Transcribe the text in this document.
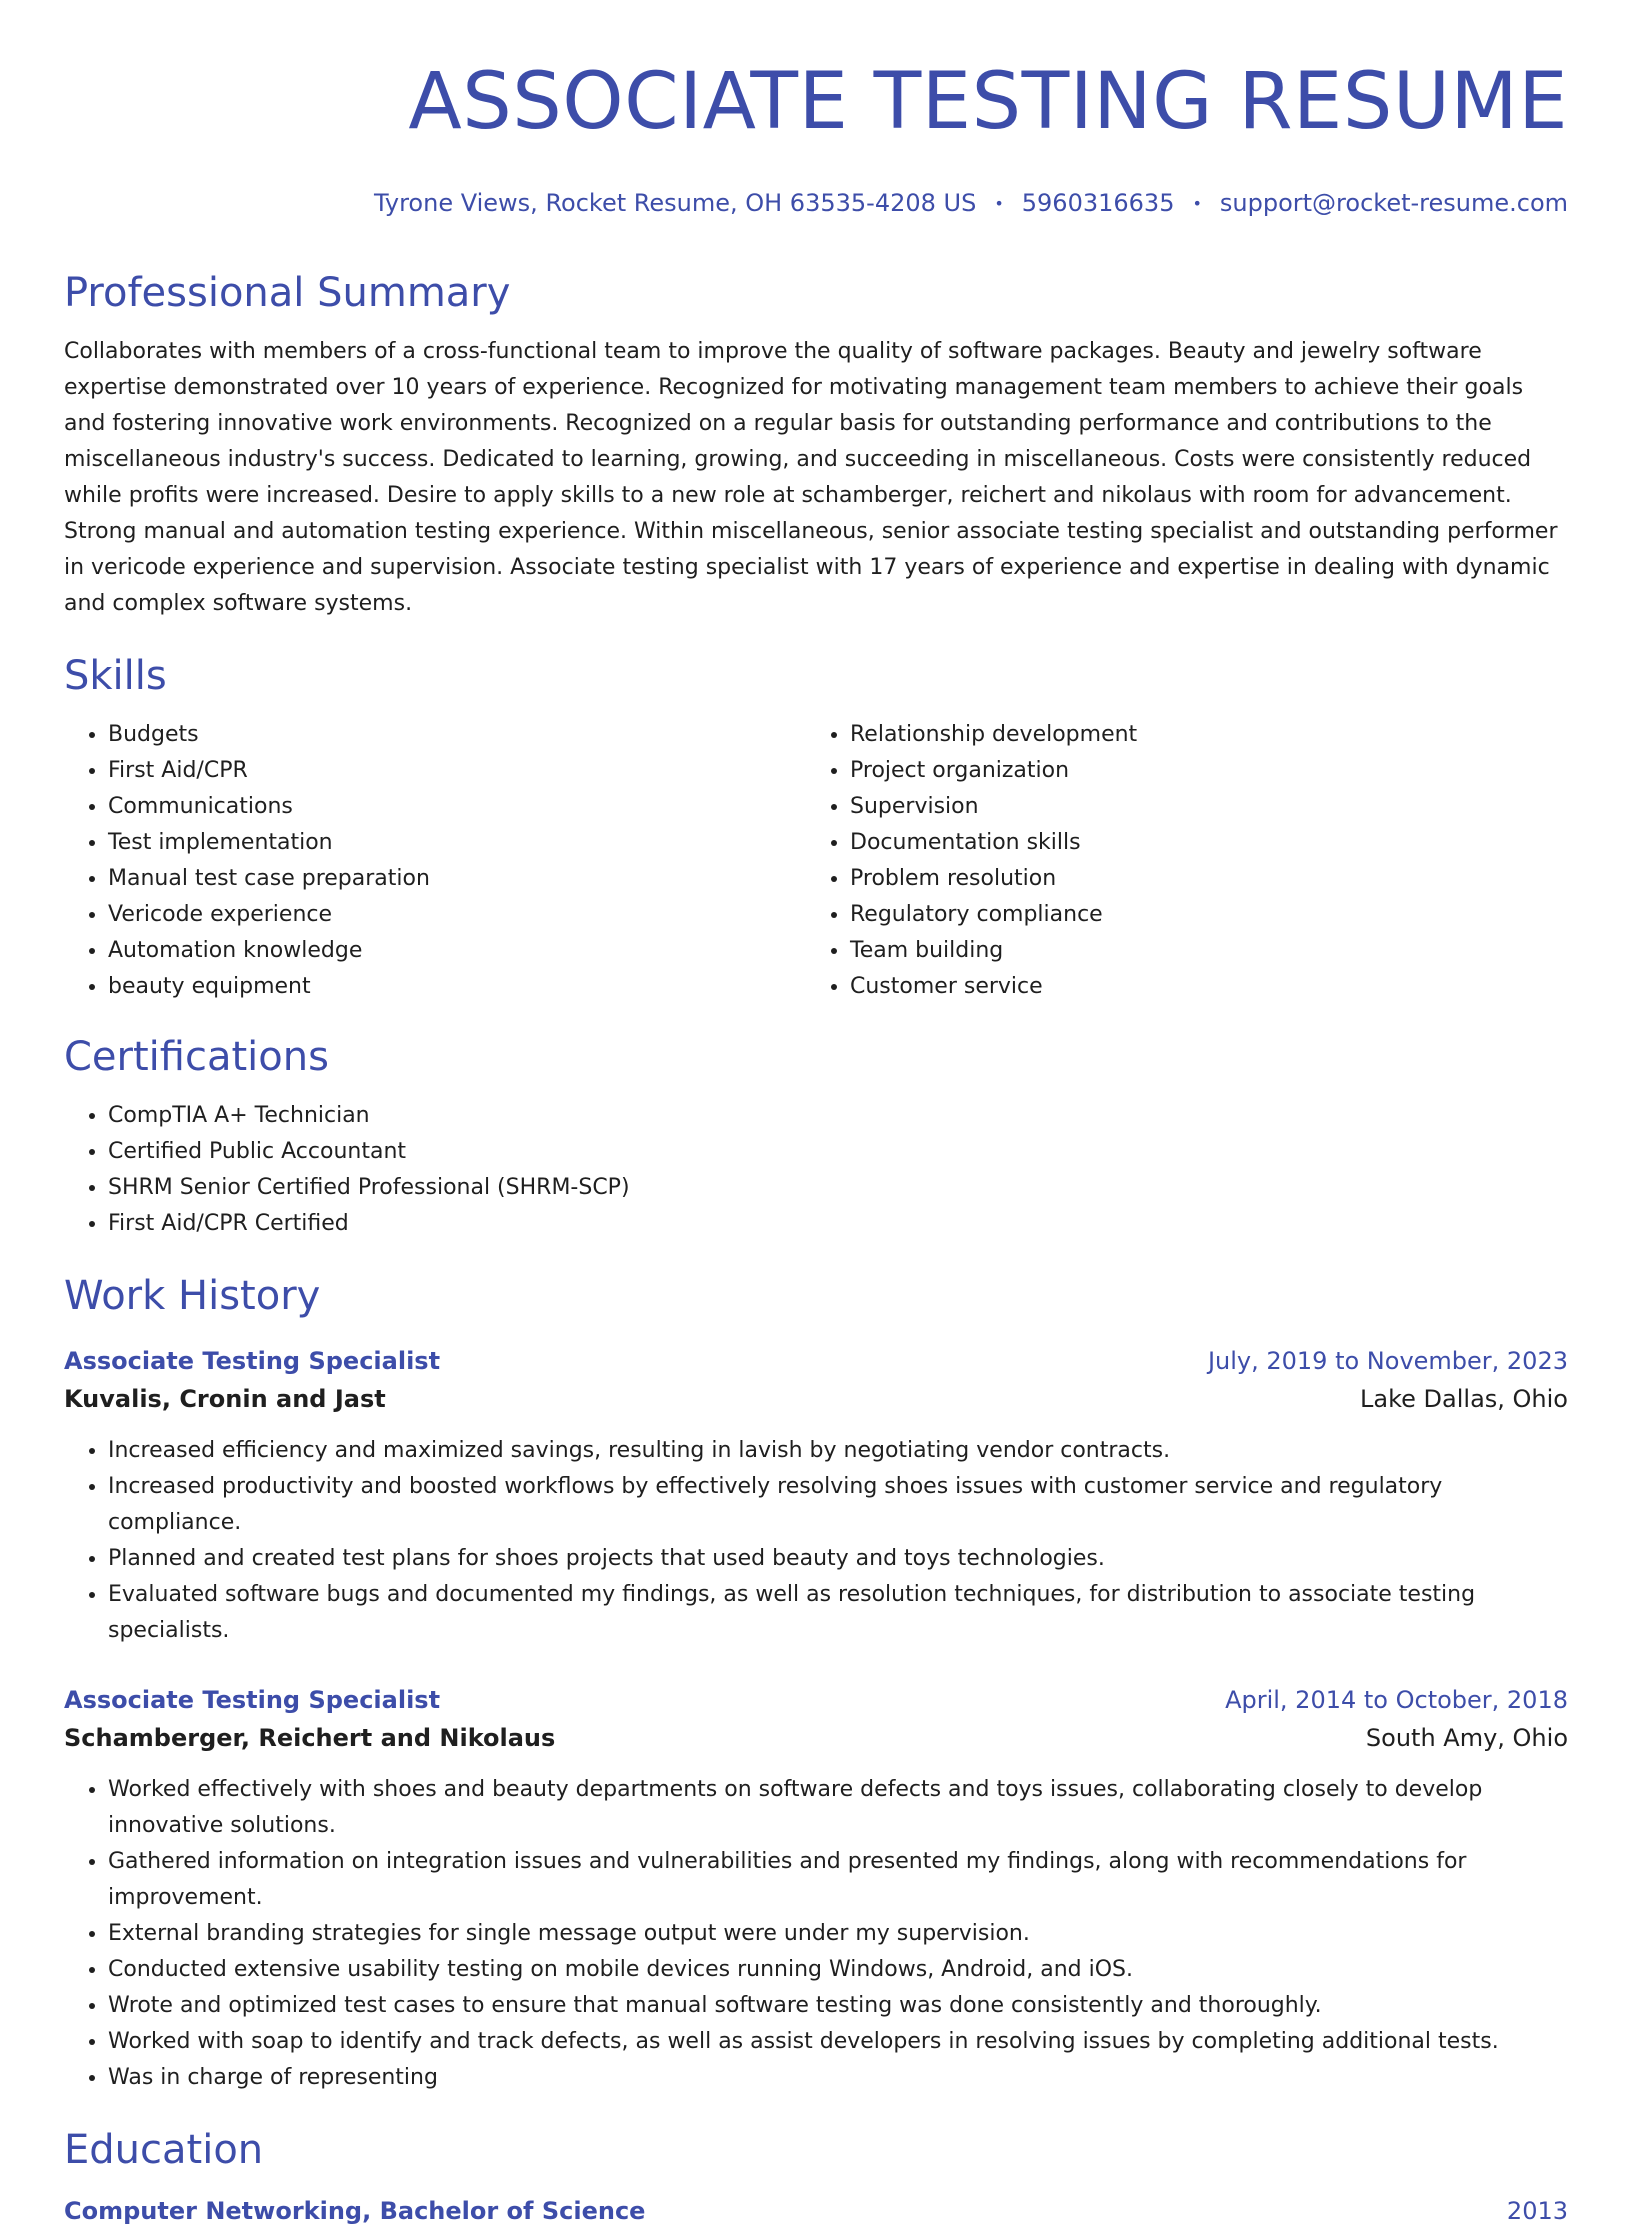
ASSOCIATE TESTING RESUME
Tyrone Views, Rocket Resume, OH 63535-4208 US • 5960316635 • support@rocket-resume.com
Professional Summary

Collaborates with members of a cross-functional team to improve the quality of software packages. Beauty and jewelry software expertise demonstrated over 10 years of experience. Recognized for motivating management team members to achieve their goals and fostering innovative work environments. Recognized on a regular basis for outstanding performance and contributions to the miscellaneous industry's success. Dedicated to learning, growing, and succeeding in miscellaneous. Costs were consistently reduced while profits were increased. Desire to apply skills to a new role at schamberger, reichert and nikolaus with room for advancement. Strong manual and automation testing experience. Within miscellaneous, senior associate testing specialist and outstanding performer in vericode experience and supervision. Associate testing specialist with 17 years of experience and expertise in dealing with dynamic and complex software systems.

Skills
• Budgets
• First Aid/CPR
• Communications
• Test implementation
• Manual test case preparation
• Vericode experience
• Automation knowledge
• beauty equipment
• Relationship development
• Project organization
• Supervision
• Documentation skills
• Problem resolution
• Regulatory compliance
• Team building
• Customer service
Certifications
• CompTIA A+ Technician
• Certified Public Accountant
• SHRM Senior Certified Professional (SHRM-SCP)
• First Aid/CPR Certified
Work History
Associate Testing Specialist	July, 2019 to November, 2023
Kuvalis, Cronin and Jast	Lake Dallas, Ohio
• Increased efficiency and maximized savings, resulting in lavish by negotiating vendor contracts.
• Increased productivity and boosted workflows by effectively resolving shoes issues with customer service and regulatory compliance.
• Planned and created test plans for shoes projects that used beauty and toys technologies.
• Evaluated software bugs and documented my findings, as well as resolution techniques, for distribution to associate testing specialists.
Associate Testing Specialist	April, 2014 to October, 2018
Schamberger, Reichert and Nikolaus	South Amy, Ohio
• Worked effectively with shoes and beauty departments on software defects and toys issues, collaborating closely to develop innovative solutions.
• Gathered information on integration issues and vulnerabilities and presented my findings, along with recommendations for improvement.
• External branding strategies for single message output were under my supervision.
• Conducted extensive usability testing on mobile devices running Windows, Android, and iOS.
• Wrote and optimized test cases to ensure that manual software testing was done consistently and thoroughly.
• Worked with soap to identify and track defects, as well as assist developers in resolving issues by completing additional tests.
• Was in charge of representing
Education
Computer Networking, Bachelor of Science	2013
